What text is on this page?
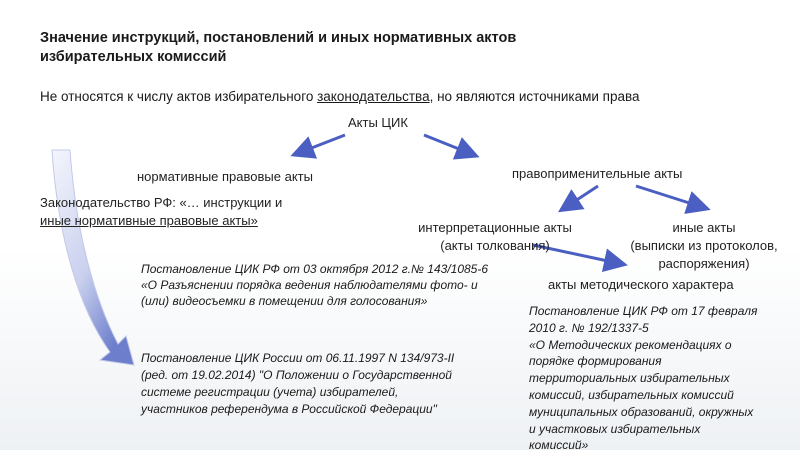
Значение инструкций, постановлений и иных нормативных актов
избирательных комиссий
Не относятся к числу актов избирательного законодательства, но являются источниками права
Акты ЦИК
нормативные правовые акты	правоприменительные акты
Законодательство РФ: «… инструкции и
иные нормативные правовые акты»	интерпретационные акты
(акты толкования)
иные акты
(выписки из протоколов,
распоряжения)
акты методического характера
Постановление ЦИК РФ от 03 октября 2012 г.№ 143/1085-6
«О Разъяснении порядка ведения наблюдателями фото- и
(или) видеосъемки в помещении для голосования»
Постановление ЦИК России от 06.11.1997 N 134/973-II
(ред. от 19.02.2014) "О Положении о Государственной
системе регистрации (учета) избирателей,
участников референдума в Российской Федерации"
Постановление ЦИК РФ от 17 февраля
2010 г. № 192/1337-5
«О Методических рекомендациях о
порядке формирования
территориальных избирательных
комиссий, избирательных комиссий
муниципальных образований, окружных
и участковых избирательных
комиссий»
